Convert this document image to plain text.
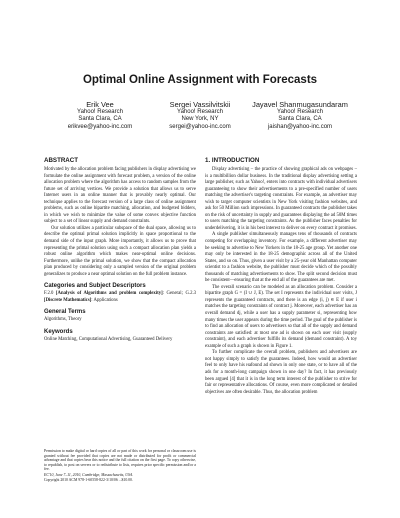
Optimal Online Assignment with Forecasts
Erik Vee
Yahoo! Research
Santa Clara, CA
erikvee@yahoo-inc.com
Sergei Vassilvitskii
Yahoo! Research
New York, NY
sergei@yahoo-inc.com
Jayavel Shanmugasundaram
Yahoo! Research
Santa Clara, CA
jaishan@yahoo-inc.com
ABSTRACT

Motivated by the allocation problem facing publishers in display advertising we formulate the online assignment with forecast problem, a version of the online allocation problem where the algorithm has access to random samples from the future set of arriving vertices. We provide a solution that allows us to serve Internet users in an online manner that is provably nearly optimal. Our technique applies to the forecast version of a large class of online assignment problems, such as online bipartite matching, allocation, and budgeted bidders, in which we wish to minimize the value of some convex objective function subject to a set of linear supply and demand constraints.

Our solution utilizes a particular subspace of the dual space, allowing us to describe the optimal primal solution implicitly in space proportional to the demand side of the input graph. More importantly, it allows us to prove that representing the primal solution using such a compact allocation plan yields a robust online algorithm which makes near-optimal online decisions. Furthermore, unlike the primal solution, we show that the compact allocation plan produced by considering only a sampled version of the original problem generalizes to produce a near optimal solution on the full problem instance.

Categories and Subject Descriptors

F.2.0 [Analysis of Algorithms and problem complexity]: General; G.2.3 [Discrete Mathematics]: Applications

General Terms

Algorithms, Theory

Keywords

Online Matching, Computational Advertising, Guaranteed Delivery

Permission to make digital or hard copies of all or part of this work for personal or classroom use is granted without fee provided that copies are not made or distributed for profit or commercial advantage and that copies bear this notice and the full citation on the first page. To copy otherwise, to republish, to post on servers or to redistribute to lists, requires prior specific permission and/or a fee.

EC'10, June 7–11, 2010, Cambridge, Massachusetts, USA.

Copyright 2010 ACM 978-1-60558-822-3/10/06 ...$10.00.

1. INTRODUCTION

Display advertising – the practice of showing graphical ads on webpages – is a multibillion dollar business. In the traditional display advertising setting a large publisher, such as Yahoo!, enters into contracts with individual advertisers guaranteeing to show their advertisements to a pre-specified number of users matching the advertiser's targeting constraints. For example, an advertiser may wish to target computer scientists in New York visiting fashion websites, and ask for 50 Million such impressions. In guaranteed contracts the publisher takes on the risk of uncertainty in supply and guarantees displaying the ad 50M times to users matching the targeting constraints. As the publisher faces penalties for underdelivering, it is in his best interest to deliver on every contract it promises.

A single publisher simultaneously manages tens of thousands of contracts competing for overlapping inventory. For example, a different advertiser may be seeking to advertise to New Yorkers in the 18-25 age group. Yet another one may only be interested in the 18-25 demographic across all of the United States, and so on. Thus, given a user visit by a 25-year old Manhattan computer scientist to a fashion website, the publisher must decide which of the possibly thousands of matching advertisements to show. The split second decision must be consistent—ensuring that at the end all of the guarantees are met.

The overall scenario can be modeled as an allocation problem. Consider a bipartite graph G = (I ∪ J, E). The set I represents the individual user visits, J represents the guaranteed contracts, and there is an edge (i, j) ∈ E if user i matches the targeting constraints of contract j. Moreover, each advertiser has an overall demand dj, while a user has a supply parameter si, representing how many times the user appears during the time period. The goal of the publisher is to find an allocation of users to advertisers so that all of the supply and demand constraints are satisfied: at most one ad is shown on each user visit (supply constraint), and each advertiser fulfills its demand (demand constraint). A toy example of such a graph is shown in Figure 1.

To further complicate the overall problem, publishers and advertisers are not happy simply to satisfy the guarantees. Indeed, how would an advertiser feel to only have his наfound ad shown in only one state, or to have all of the ads for a month-long campaign shown in one day? In fact, it has previously been argued [4] that it is in the long term interest of the publisher to strive for fair or representative allocations. Of course, even more complicated or detailed objectives are often desirable. Thus, the allocation problem
